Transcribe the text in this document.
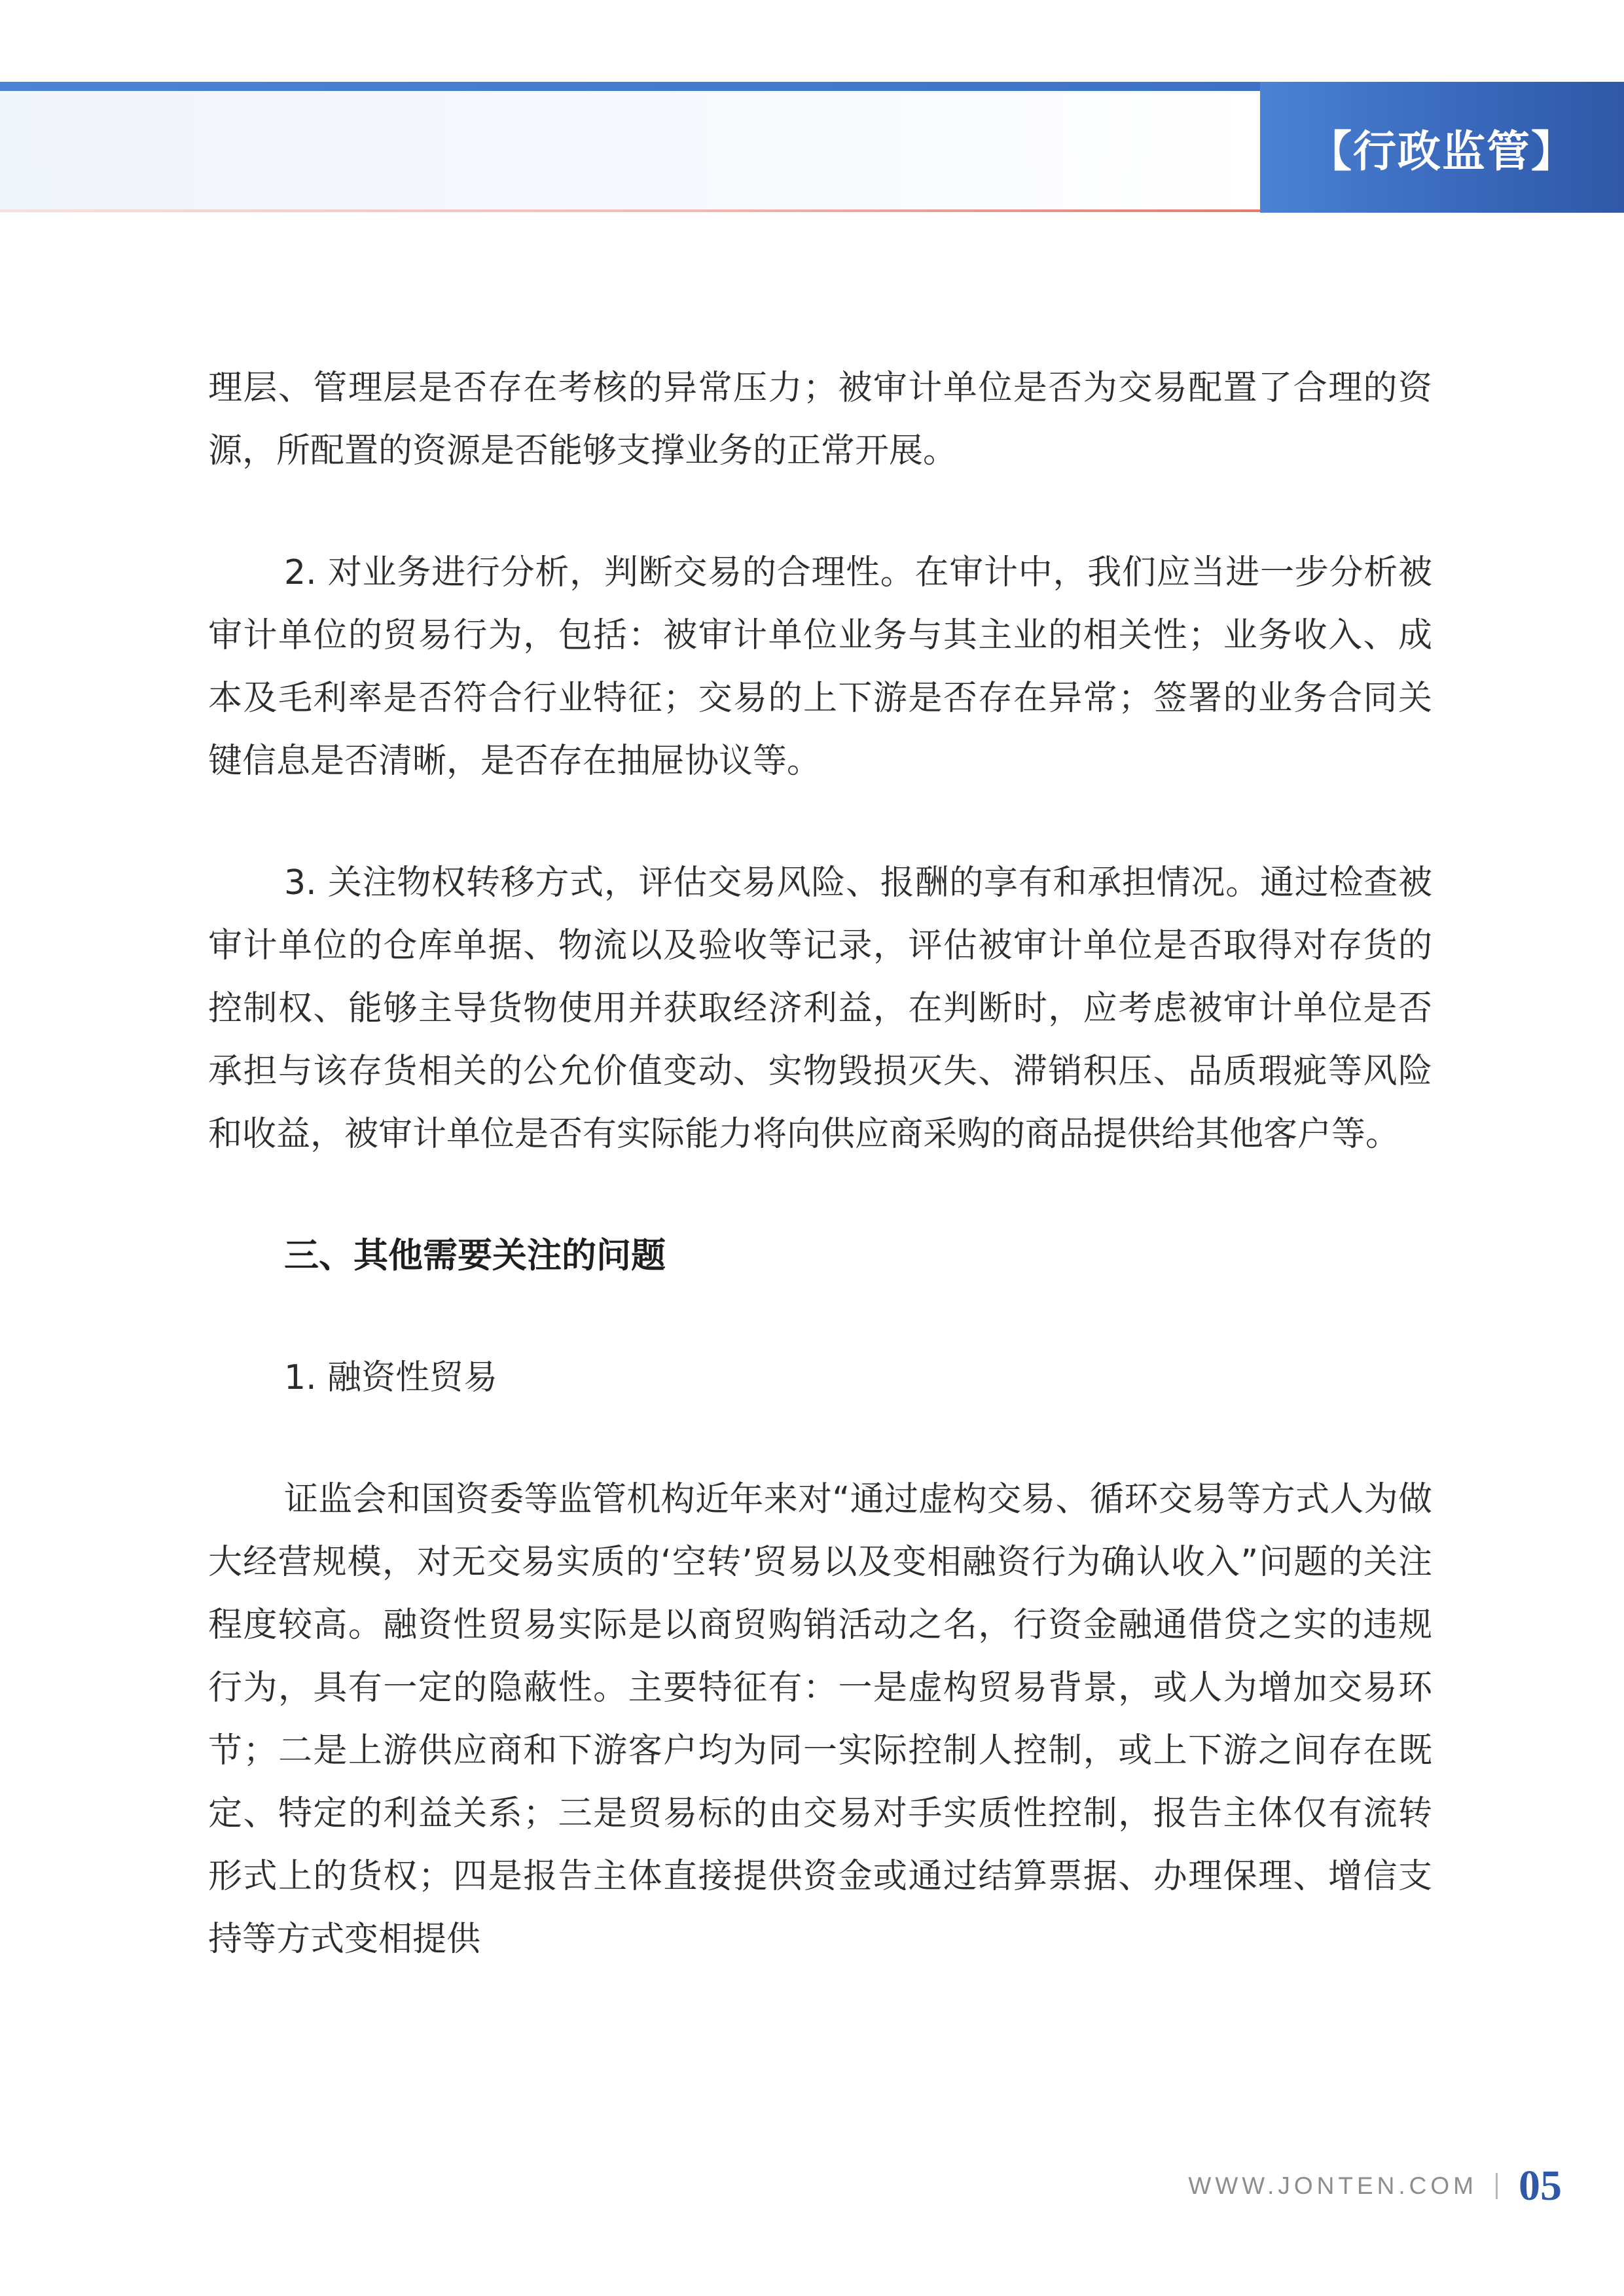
【行政监管】

理层、管理层是否存在考核的异常压力；被审计单位是否为交易配置了合理的资源，所配置的资源是否能够支撑业务的正常开展。

2. 对业务进行分析，判断交易的合理性。在审计中，我们应当进一步分析被审计单位的贸易行为，包括：被审计单位业务与其主业的相关性；业务收入、成本及毛利率是否符合行业特征；交易的上下游是否存在异常；签署的业务合同关键信息是否清晰，是否存在抽屉协议等。

3. 关注物权转移方式，评估交易风险、报酬的享有和承担情况。通过检查被审计单位的仓库单据、物流以及验收等记录，评估被审计单位是否取得对存货的控制权、能够主导货物使用并获取经济利益，在判断时，应考虑被审计单位是否承担与该存货相关的公允价值变动、实物毁损灭失、滞销积压、品质瑕疵等风险和收益，被审计单位是否有实际能力将向供应商采购的商品提供给其他客户等。

三、其他需要关注的问题

1. 融资性贸易

证监会和国资委等监管机构近年来对“通过虚构交易、循环交易等方式人为做大经营规模，对无交易实质的‘空转’贸易以及变相融资行为确认收入”问题的关注程度较高。融资性贸易实际是以商贸购销活动之名，行资金融通借贷之实的违规行为，具有一定的隐蔽性。主要特征有：一是虚构贸易背景，或人为增加交易环节；二是上游供应商和下游客户均为同一实际控制人控制，或上下游之间存在既定、特定的利益关系；三是贸易标的由交易对手实质性控制，报告主体仅有流转形式上的货权；四是报告主体直接提供资金或通过结算票据、办理保理、增信支持等方式变相提供

WWW.JONTEN.COM 05
